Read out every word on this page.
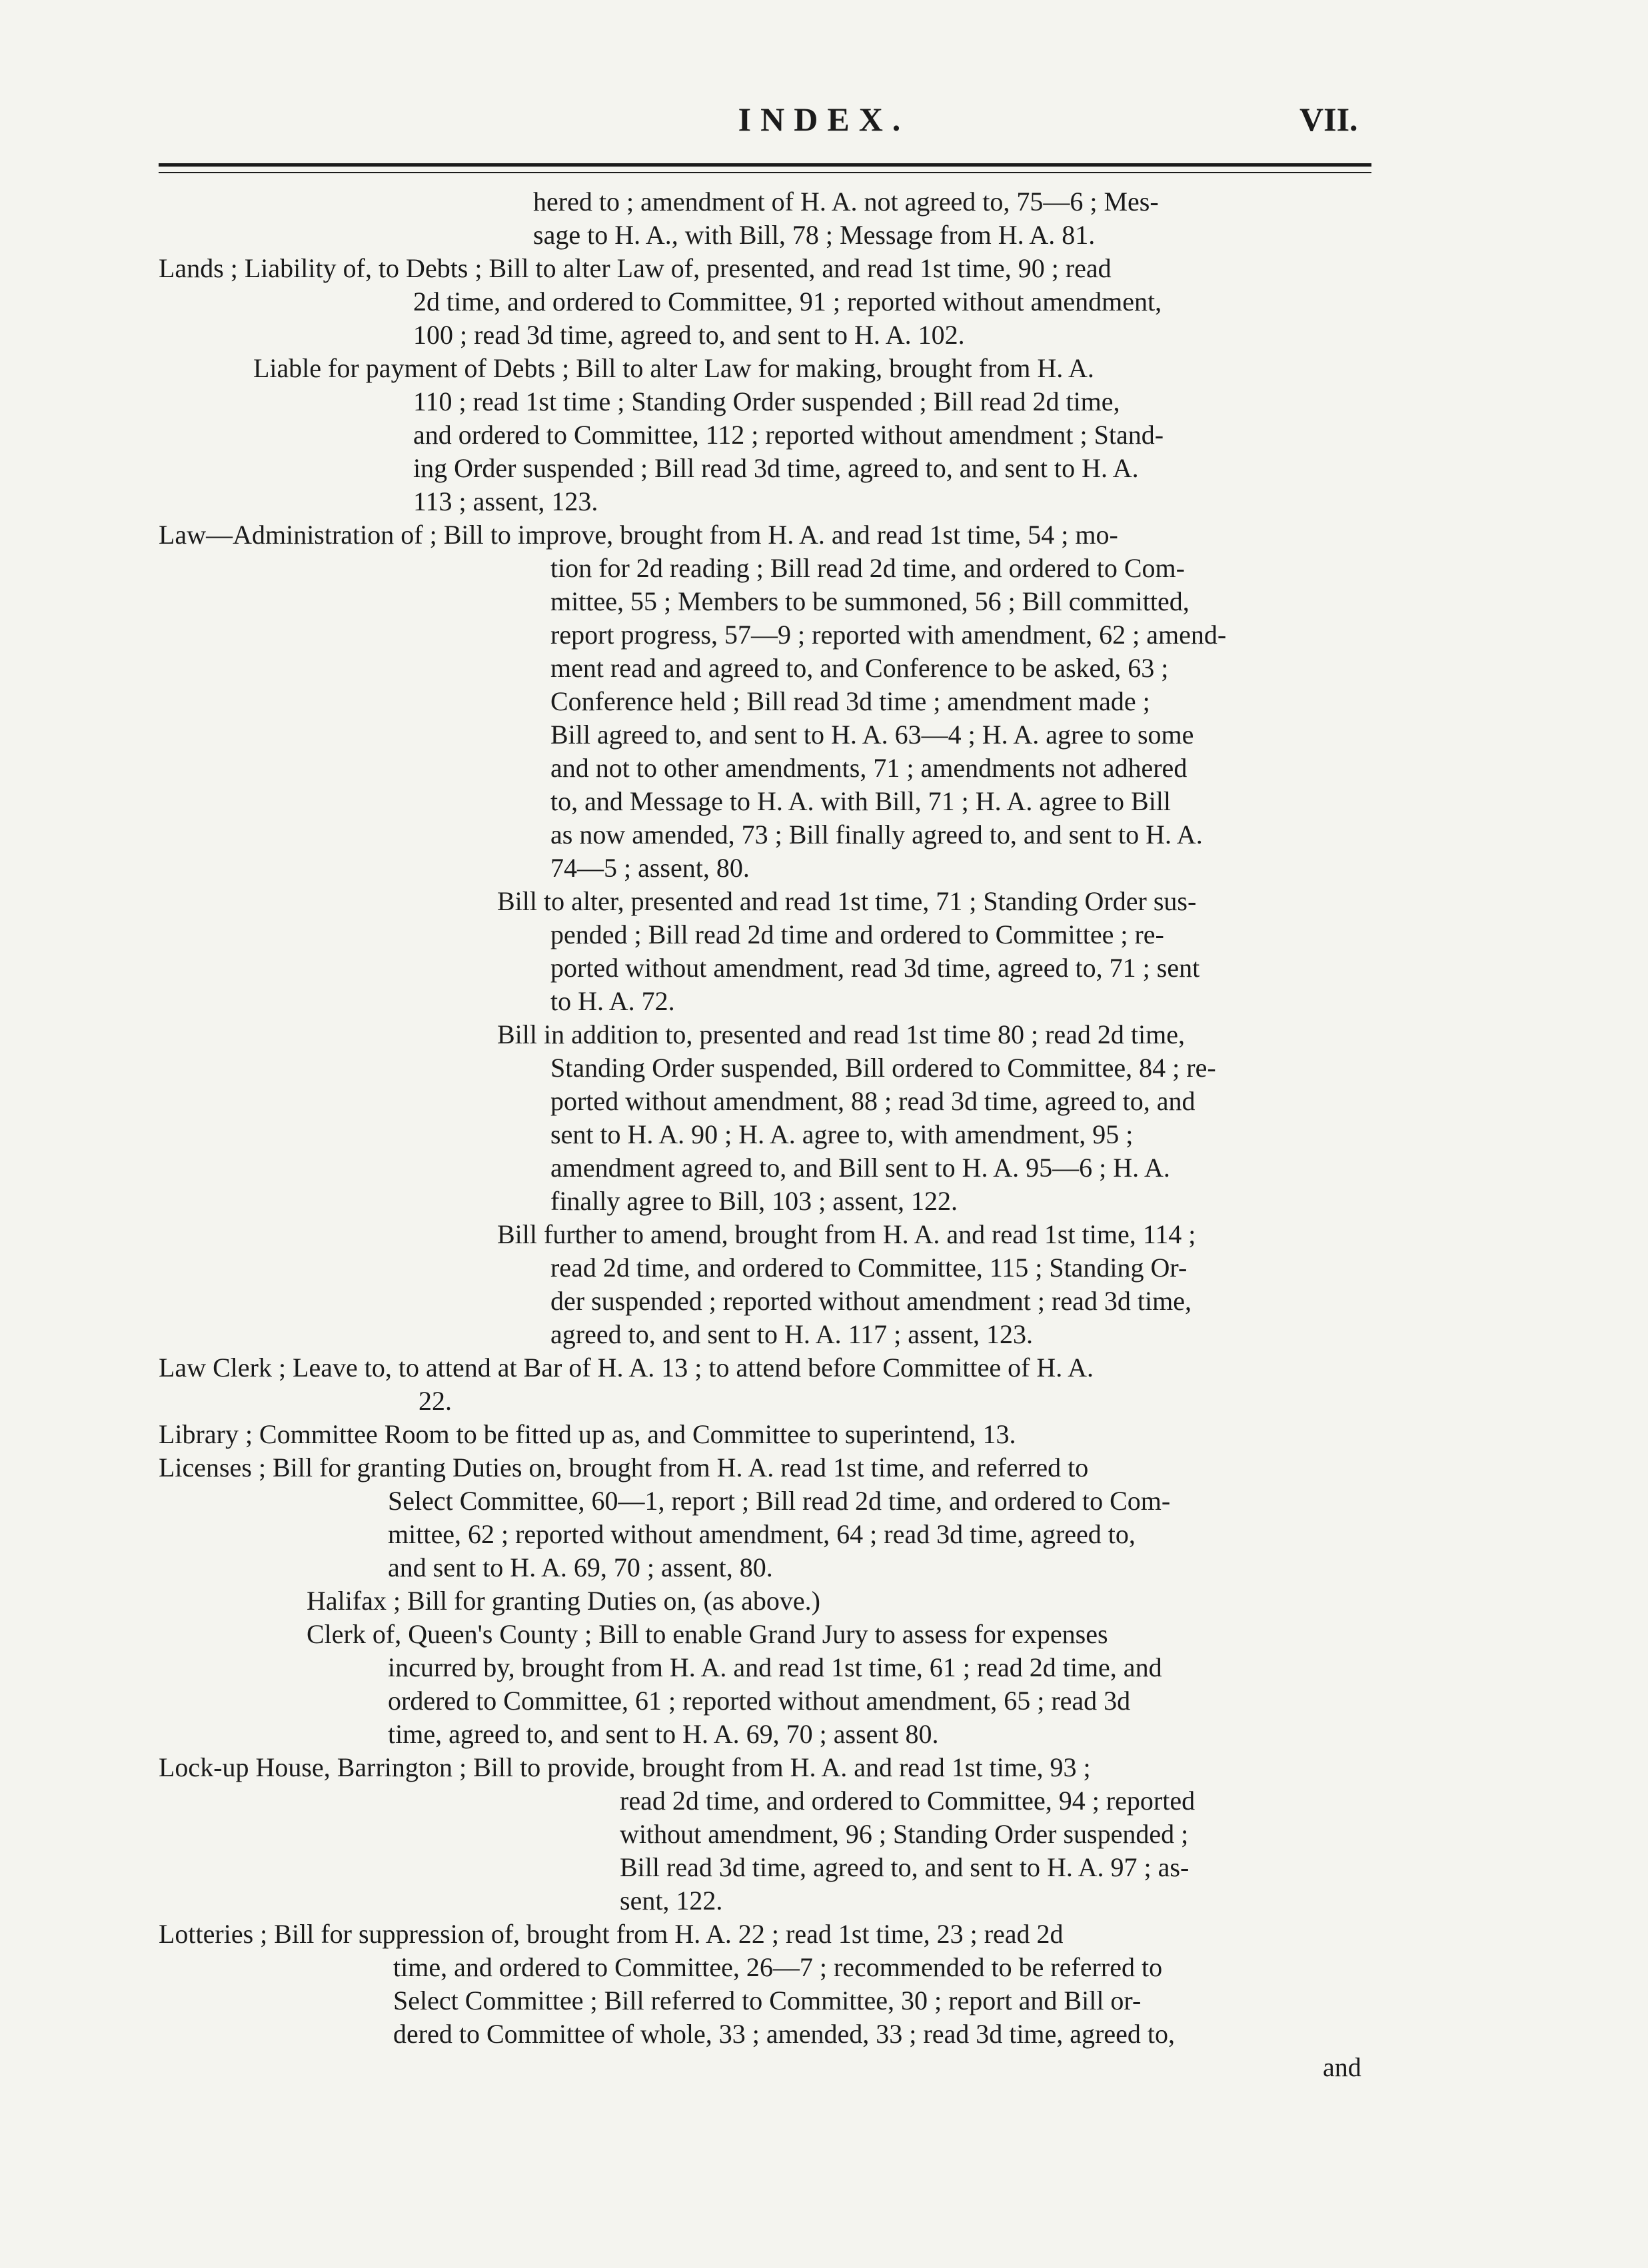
INDEX.	VII.
hered to ; amendment of H. A. not agreed to, 75—6 ; Mes-
sage to H. A., with Bill, 78 ; Message from H. A. 81.
Lands ; Liability of, to Debts ; Bill to alter Law of, presented, and read 1st time, 90 ; read
2d time, and ordered to Committee, 91 ; reported without amendment,
100 ; read 3d time, agreed to, and sent to H. A. 102.
Liable for payment of Debts ; Bill to alter Law for making, brought from H. A.
110 ; read 1st time ; Standing Order suspended ; Bill read 2d time,
and ordered to Committee, 112 ; reported without amendment ; Stand-
ing Order suspended ; Bill read 3d time, agreed to, and sent to H. A.
113 ; assent, 123.
Law—Administration of ; Bill to improve, brought from H. A. and read 1st time, 54 ; mo-
tion for 2d reading ; Bill read 2d time, and ordered to Com-
mittee, 55 ; Members to be summoned, 56 ; Bill committed,
report progress, 57—9 ; reported with amendment, 62 ; amend-
ment read and agreed to, and Conference to be asked, 63 ;
Conference held ; Bill read 3d time ; amendment made ;
Bill agreed to, and sent to H. A. 63—4 ; H. A. agree to some
and not to other amendments, 71 ; amendments not adhered
to, and Message to H. A. with Bill, 71 ; H. A. agree to Bill
as now amended, 73 ; Bill finally agreed to, and sent to H. A.
74—5 ; assent, 80.
Bill to alter, presented and read 1st time, 71 ; Standing Order sus-
pended ; Bill read 2d time and ordered to Committee ; re-
ported without amendment, read 3d time, agreed to, 71 ; sent
to H. A. 72.
Bill in addition to, presented and read 1st time 80 ; read 2d time,
Standing Order suspended, Bill ordered to Committee, 84 ; re-
ported without amendment, 88 ; read 3d time, agreed to, and
sent to H. A. 90 ; H. A. agree to, with amendment, 95 ;
amendment agreed to, and Bill sent to H. A. 95—6 ; H. A.
finally agree to Bill, 103 ; assent, 122.
Bill further to amend, brought from H. A. and read 1st time, 114 ;
read 2d time, and ordered to Committee, 115 ; Standing Or-
der suspended ; reported without amendment ; read 3d time,
agreed to, and sent to H. A. 117 ; assent, 123.
Law Clerk ; Leave to, to attend at Bar of H. A. 13 ; to attend before Committee of H. A.
22.
Library ; Committee Room to be fitted up as, and Committee to superintend, 13.
Licenses ; Bill for granting Duties on, brought from H. A. read 1st time, and referred to
Select Committee, 60—1, report ; Bill read 2d time, and ordered to Com-
mittee, 62 ; reported without amendment, 64 ; read 3d time, agreed to,
and sent to H. A. 69, 70 ; assent, 80.
Halifax ; Bill for granting Duties on, (as above.)
Clerk of, Queen's County ; Bill to enable Grand Jury to assess for expenses
incurred by, brought from H. A. and read 1st time, 61 ; read 2d time, and
ordered to Committee, 61 ; reported without amendment, 65 ; read 3d
time, agreed to, and sent to H. A. 69, 70 ; assent 80.
Lock-up House, Barrington ; Bill to provide, brought from H. A. and read 1st time, 93 ;
read 2d time, and ordered to Committee, 94 ; reported
without amendment, 96 ; Standing Order suspended ;
Bill read 3d time, agreed to, and sent to H. A. 97 ; as-
sent, 122.
Lotteries ; Bill for suppression of, brought from H. A. 22 ; read 1st time, 23 ; read 2d
time, and ordered to Committee, 26—7 ; recommended to be referred to
Select Committee ; Bill referred to Committee, 30 ; report and Bill or-
dered to Committee of whole, 33 ; amended, 33 ; read 3d time, agreed to,
and
